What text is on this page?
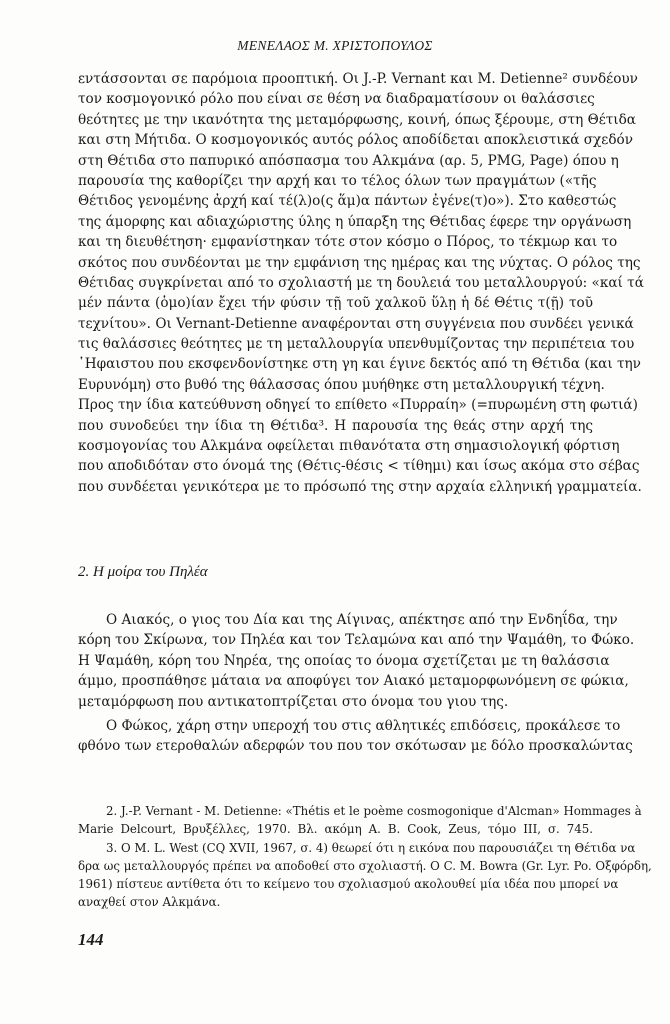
ΜΕΝΕΛΑΟΣ Μ. ΧΡΙΣΤΟΠΟΥΛΟΣ
εντάσσονται σε παρόμοια προοπτική. Οι J.-P. Vernant και M. Detienne² συνδέουν
τον κοσμογονικό ρόλο που είναι σε θέση να διαδραματίσουν οι θαλάσσιες
θεότητες με την ικανότητα της μεταμόρφωσης, κοινή, όπως ξέρουμε, στη Θέτιδα
και στη Μήτιδα. Ο κοσμογονικός αυτός ρόλος αποδίδεται αποκλειστικά σχεδόν
στη Θέτιδα στο παπυρικό απόσπασμα του Αλκμάνα (αρ. 5, PMG, Page) όπου η
παρουσία της καθορίζει την αρχή και το τέλος όλων των πραγμάτων («τῆς
Θέτιδος γενομένης ἀρχή καί τέ(λ)ο(ς ἅμ)α πάντων ἐγένε(τ)ο»). Στο καθεστώς
της άμορφης και αδιαχώριστης ύλης η ύπαρξη της Θέτιδας έφερε την οργάνωση
και τη διευθέτηση· εμφανίστηκαν τότε στον κόσμο ο Πόρος, το τέκμωρ και το
σκότος που συνδέονται με την εμφάνιση της ημέρας και της νύχτας. Ο ρόλος της
Θέτιδας συγκρίνεται από το σχολιαστή με τη δουλειά του μεταλλουργού: «καί τά
μέν πάντα (ὁμο)ίαν ἔχει τήν φύσιν τῇ τοῦ χαλκοῦ ὕλῃ ἡ δέ Θέτις τ(ῇ) τοῦ
τεχνίτου». Οι Vernant-Detienne αναφέρονται στη συγγένεια που συνδέει γενικά
τις θαλάσσιες θεότητες με τη μεταλλουργία υπενθυμίζοντας την περιπέτεια του
῾Ηφαιστου που εκσφενδονίστηκε στη γη και έγινε δεκτός από τη Θέτιδα (και την
Ευρυνόμη) στο βυθό της θάλασσας όπου μυήθηκε στη μεταλλουργική τέχνη.
Προς την ίδια κατεύθυνση οδηγεί το επίθετο «Πυρραίη» (=πυρωμένη στη φωτιά)
που συνοδεύει την ίδια τη Θέτιδα³. Η παρουσία της θεάς στην αρχή της
κοσμογονίας του Αλκμάνα οφείλεται πιθανότατα στη σημασιολογική φόρτιση
που αποδιδόταν στο όνομά της (Θέτις-θέσις < τίθημι) και ίσως ακόμα στο σέβας
που συνδέεται γενικότερα με το πρόσωπό της στην αρχαία ελληνική γραμματεία.
2. Η μοίρα του Πηλέα
Ο Αιακός, ο γιος του Δία και της Αίγινας, απέκτησε από την Ενδηΐδα, την
κόρη του Σκίρωνα, τον Πηλέα και τον Τελαμώνα και από την Ψαμάθη, το Φώκο.
Η Ψαμάθη, κόρη του Νηρέα, της οποίας το όνομα σχετίζεται με τη θαλάσσια
άμμο, προσπάθησε μάταια να αποφύγει τον Αιακό μεταμορφωνόμενη σε φώκια,
μεταμόρφωση που αντικατοπτρίζεται στο όνομα του γιου της.
Ο Φώκος, χάρη στην υπεροχή του στις αθλητικές επιδόσεις, προκάλεσε το
φθόνο των ετεροθαλών αδερφών του που τον σκότωσαν με δόλο προσκαλώντας
2. J.-P. Vernant - M. Detienne: «Thétis et le poème cosmogonique d'Alcman» Hommages à
Marie Delcourt, Βρυξέλλες, 1970. Βλ. ακόμη A. B. Cook, Zeus, τόμο III, σ. 745.
3. Ο M. L. West (CQ XVII, 1967, σ. 4) θεωρεί ότι η εικόνα που παρουσιάζει τη Θέτιδα να
δρα ως μεταλλουργός πρέπει να αποδοθεί στο σχολιαστή. Ο C. M. Bowra (Gr. Lyr. Po. Οξφόρδη,
1961) πίστευε αντίθετα ότι το κείμενο του σχολιασμού ακολουθεί μία ιδέα που μπορεί να
αναχθεί στον Αλκμάνα.
144
